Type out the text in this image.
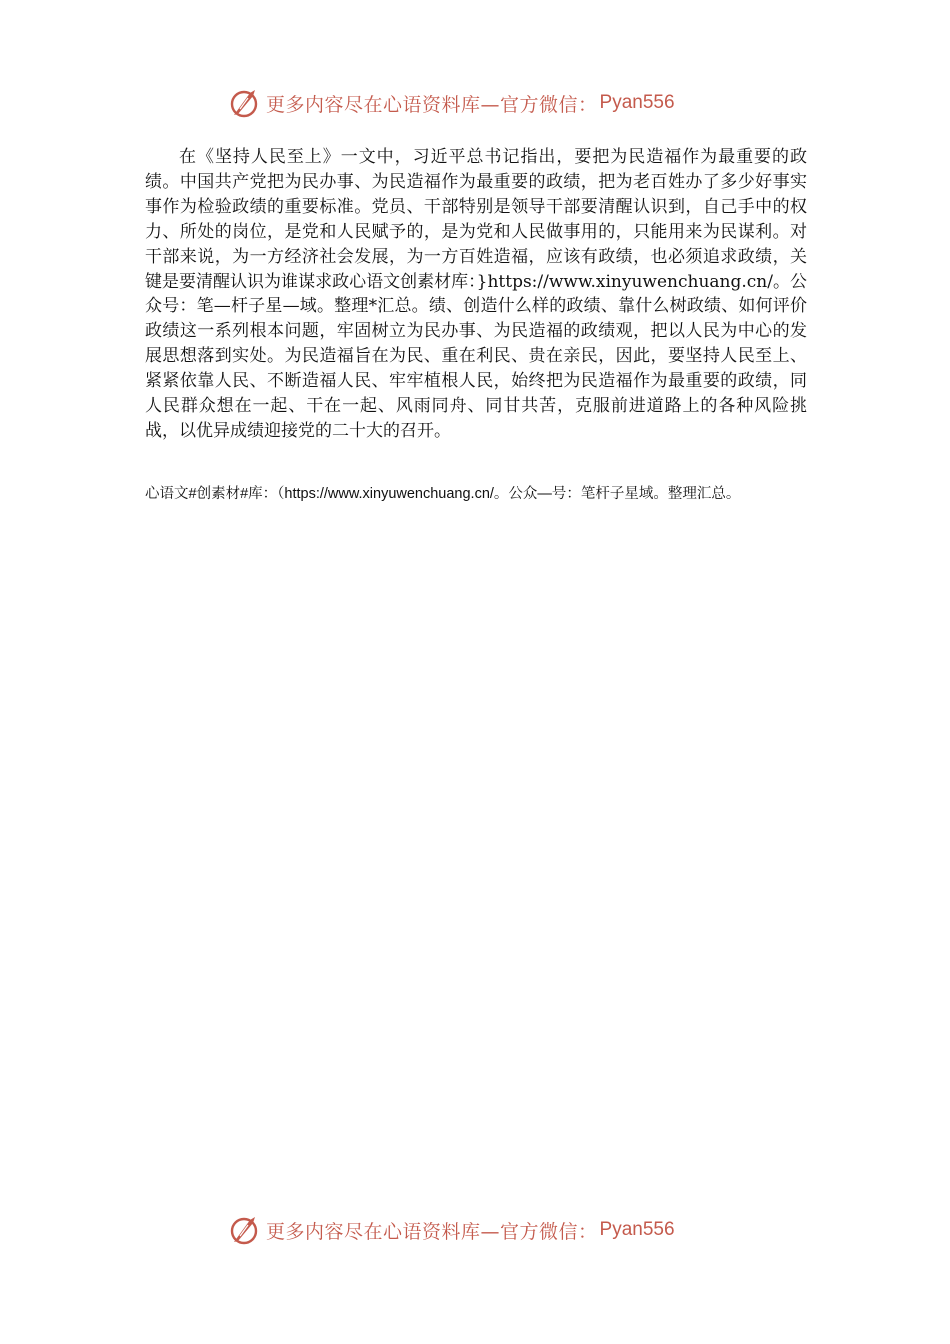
更多内容尽在心语资料库—官方微信： Pyan556

在《坚持人民至上》一文中，习近平总书记指出，要把为民造福作为最重要的政绩。中国共产党把为民办事、为民造福作为最重要的政绩，把为老百姓办了多少好事实事作为检验政绩的重要标准。党员、干部特别是领导干部要清醒认识到，自己手中的权力、所处的岗位，是党和人民赋予的，是为党和人民做事用的，只能用来为民谋利。对干部来说，为一方经济社会发展，为一方百姓造福，应该有政绩，也必须追求政绩，关键是要清醒认识为谁谋求政心语文创素材库：}https://www.xinyuwenchuang.cn/。公众号：笔—杆子星—域。整理*汇总。绩、创造什么样的政绩、靠什么树政绩、如何评价政绩这一系列根本问题，牢固树立为民办事、为民造福的政绩观，把以人民为中心的发展思想落到实处。为民造福旨在为民、重在利民、贵在亲民，因此，要坚持人民至上、紧紧依靠人民、不断造福人民、牢牢植根人民，始终把为民造福作为最重要的政绩，同人民群众想在一起、干在一起、风雨同舟、同甘共苦，克服前进道路上的各种风险挑战，以优异成绩迎接党的二十大的召开。

心语文#创素材#库：（https://www.xinyuwenchuang.cn/。公众—号：笔杆子星域。整理汇总。

更多内容尽在心语资料库—官方微信： Pyan556
